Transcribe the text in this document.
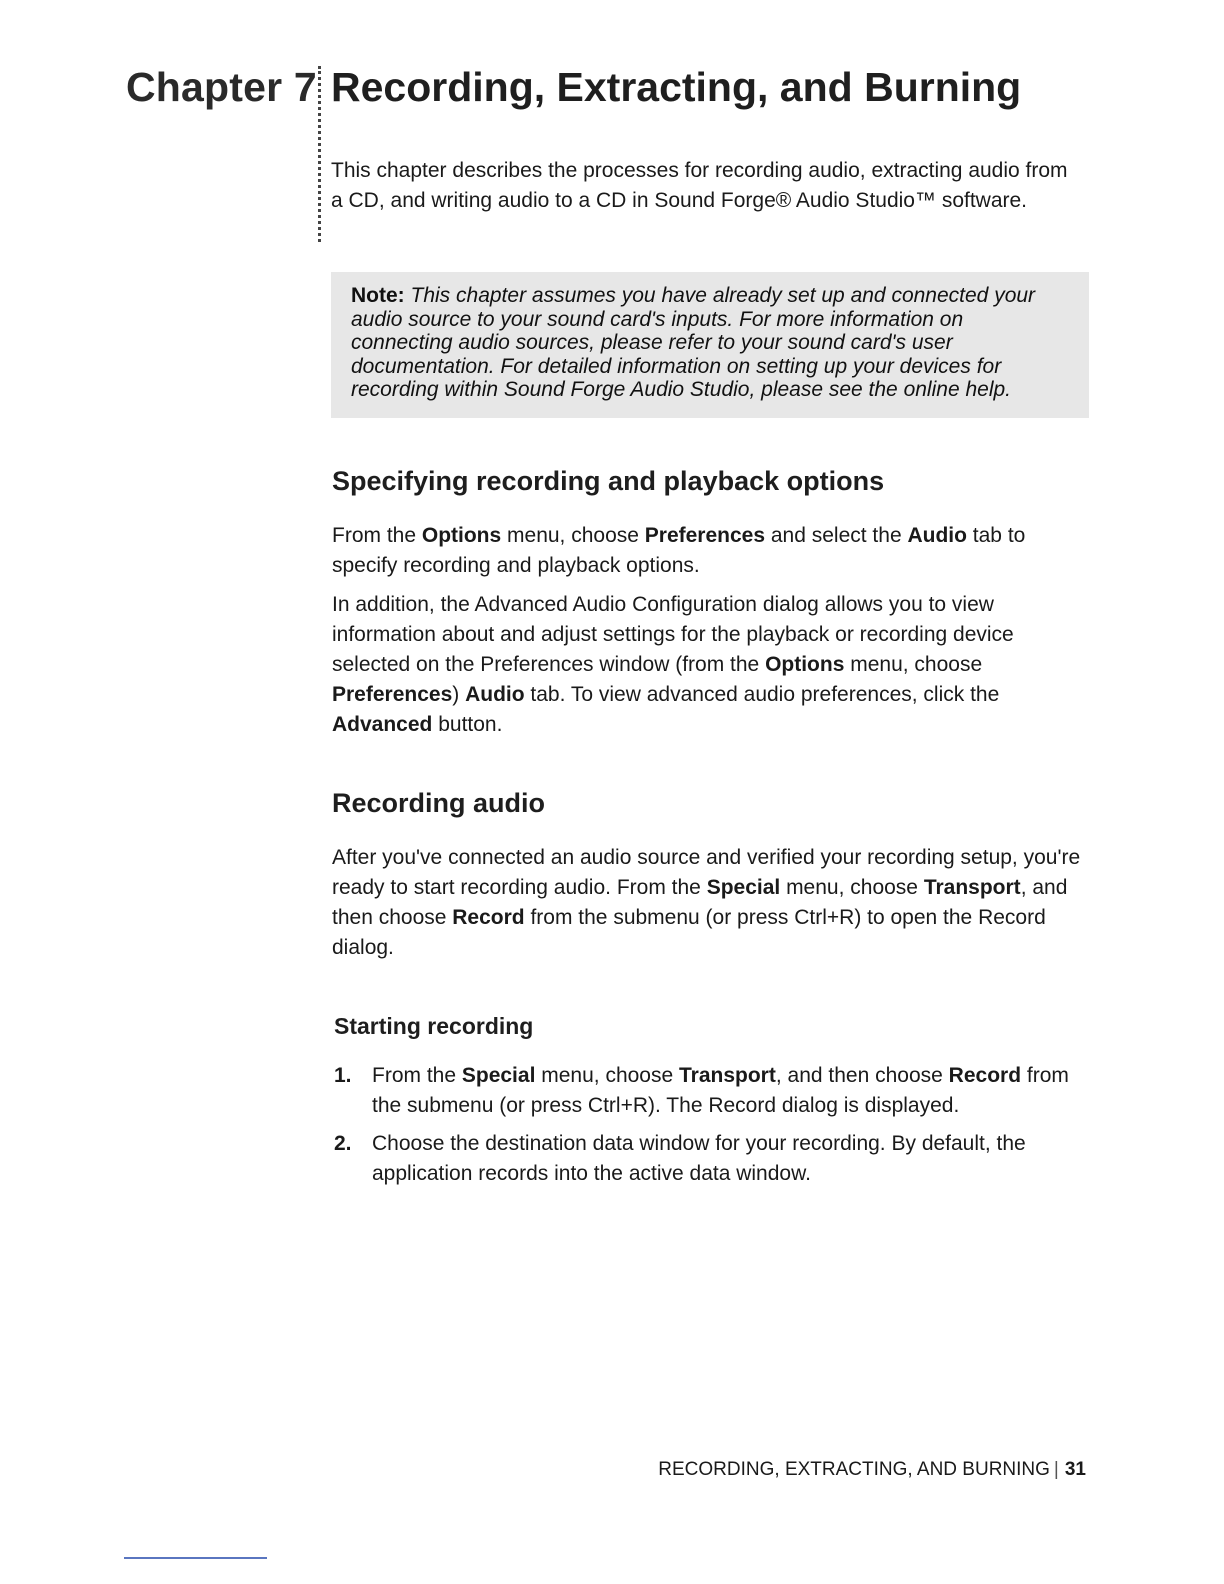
Chapter 7 Recording, Extracting, and Burning

This chapter describes the processes for recording audio, extracting audio from a CD, and writing audio to a CD in Sound Forge® Audio Studio™ software.

Note: This chapter assumes you have already set up and connected your audio source to your sound card's inputs. For more information on connecting audio sources, please refer to your sound card's user documentation. For detailed information on setting up your devices for recording within Sound Forge Audio Studio, please see the online help.

Specifying recording and playback options

From the Options menu, choose Preferences and select the Audio tab to specify recording and playback options.

In addition, the Advanced Audio Configuration dialog allows you to view information about and adjust settings for the playback or recording device selected on the Preferences window (from the Options menu, choose Preferences) Audio tab. To view advanced audio preferences, click the Advanced button.

Recording audio

After you've connected an audio source and verified your recording setup, you're ready to start recording audio. From the Special menu, choose Transport, and then choose Record from the submenu (or press Ctrl+R) to open the Record dialog.

Starting recording
1. From the Special menu, choose Transport, and then choose Record from the submenu (or press Ctrl+R). The Record dialog is displayed.

2. Choose the destination data window for your recording. By default, the application records into the active data window.

RECORDING, EXTRACTING, AND BURNING | 31
